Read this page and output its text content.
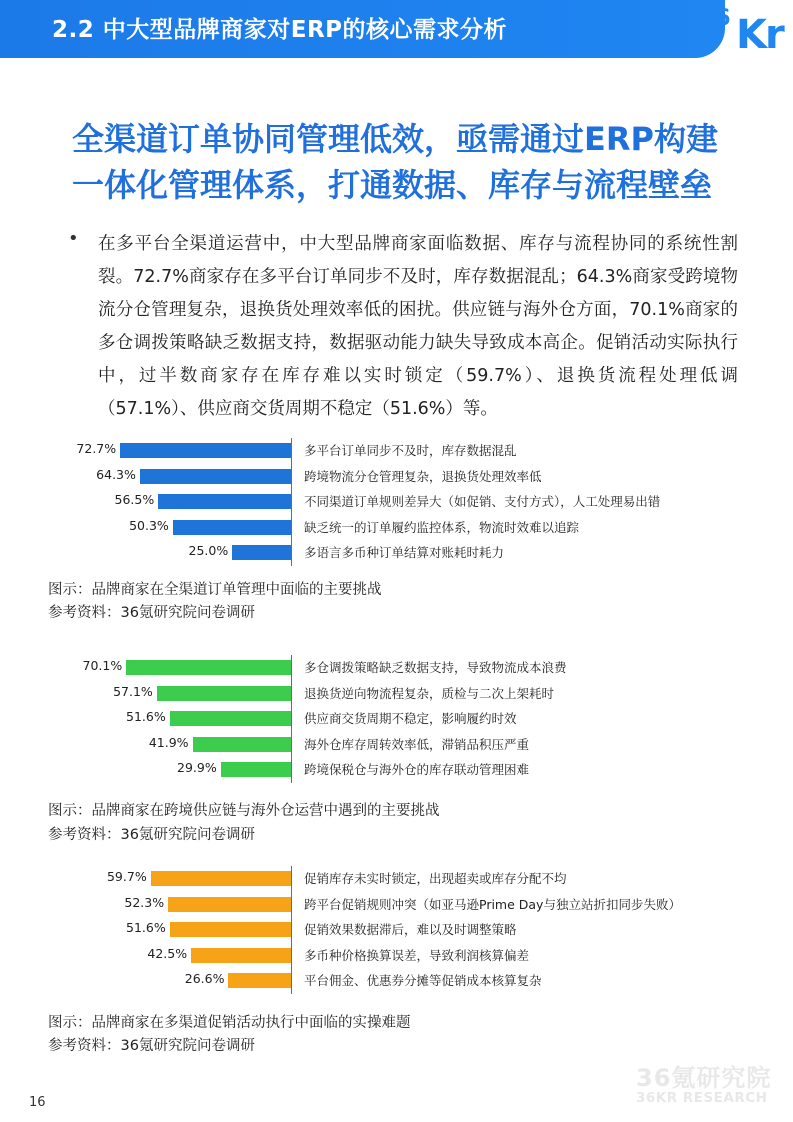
2.2 中大型品牌商家对ERP的核心需求分析	36 Kr
全渠道订单协同管理低效，亟需通过ERP构建
一体化管理体系，打通数据、库存与流程壁垒
• 在多平台全渠道运营中，中大型品牌商家面临数据、库存与流程协同的系统性割裂。72.7%商家存在多平台订单同步不及时，库存数据混乱；64.3%商家受跨境物流分仓管理复杂，退换货处理效率低的困扰。供应链与海外仓方面，70.1%商家的多仓调拨策略缺乏数据支持，数据驱动能力缺失导致成本高企。促销活动实际执行中，过半数商家存在库存难以实时锁定（59.7%）、退换货流程处理低调（57.1%）、供应商交货周期不稳定（51.6%）等。

72.7%	多平台订单同步不及时，库存数据混乱
64.3%	跨境物流分仓管理复杂，退换货处理效率低
56.5%	不同渠道订单规则差异大（如促销、支付方式），人工处理易出错
50.3%	缺乏统一的订单履约监控体系，物流时效难以追踪
25.0%	多语言多币种订单结算对账耗时耗力
图示：品牌商家在全渠道订单管理中面临的主要挑战
参考资料：36氪研究院问卷调研
70.1%	多仓调拨策略缺乏数据支持，导致物流成本浪费
57.1%	退换货逆向物流程复杂，质检与二次上架耗时
51.6%	供应商交货周期不稳定，影响履约时效
41.9%	海外仓库存周转效率低，滞销品积压严重
29.9%	跨境保税仓与海外仓的库存联动管理困难
图示：品牌商家在跨境供应链与海外仓运营中遇到的主要挑战
参考资料：36氪研究院问卷调研
59.7%	促销库存未实时锁定，出现超卖或库存分配不均
52.3%	跨平台促销规则冲突（如亚马逊Prime Day与独立站折扣同步失败）
51.6%	促销效果数据滞后，难以及时调整策略
42.5%	多币种价格换算误差，导致利润核算偏差
26.6%	平台佣金、优惠券分摊等促销成本核算复杂
图示：品牌商家在多渠道促销活动执行中面临的实操难题
参考资料：36氪研究院问卷调研
36氪研究院
36KR RESEARCH
16
